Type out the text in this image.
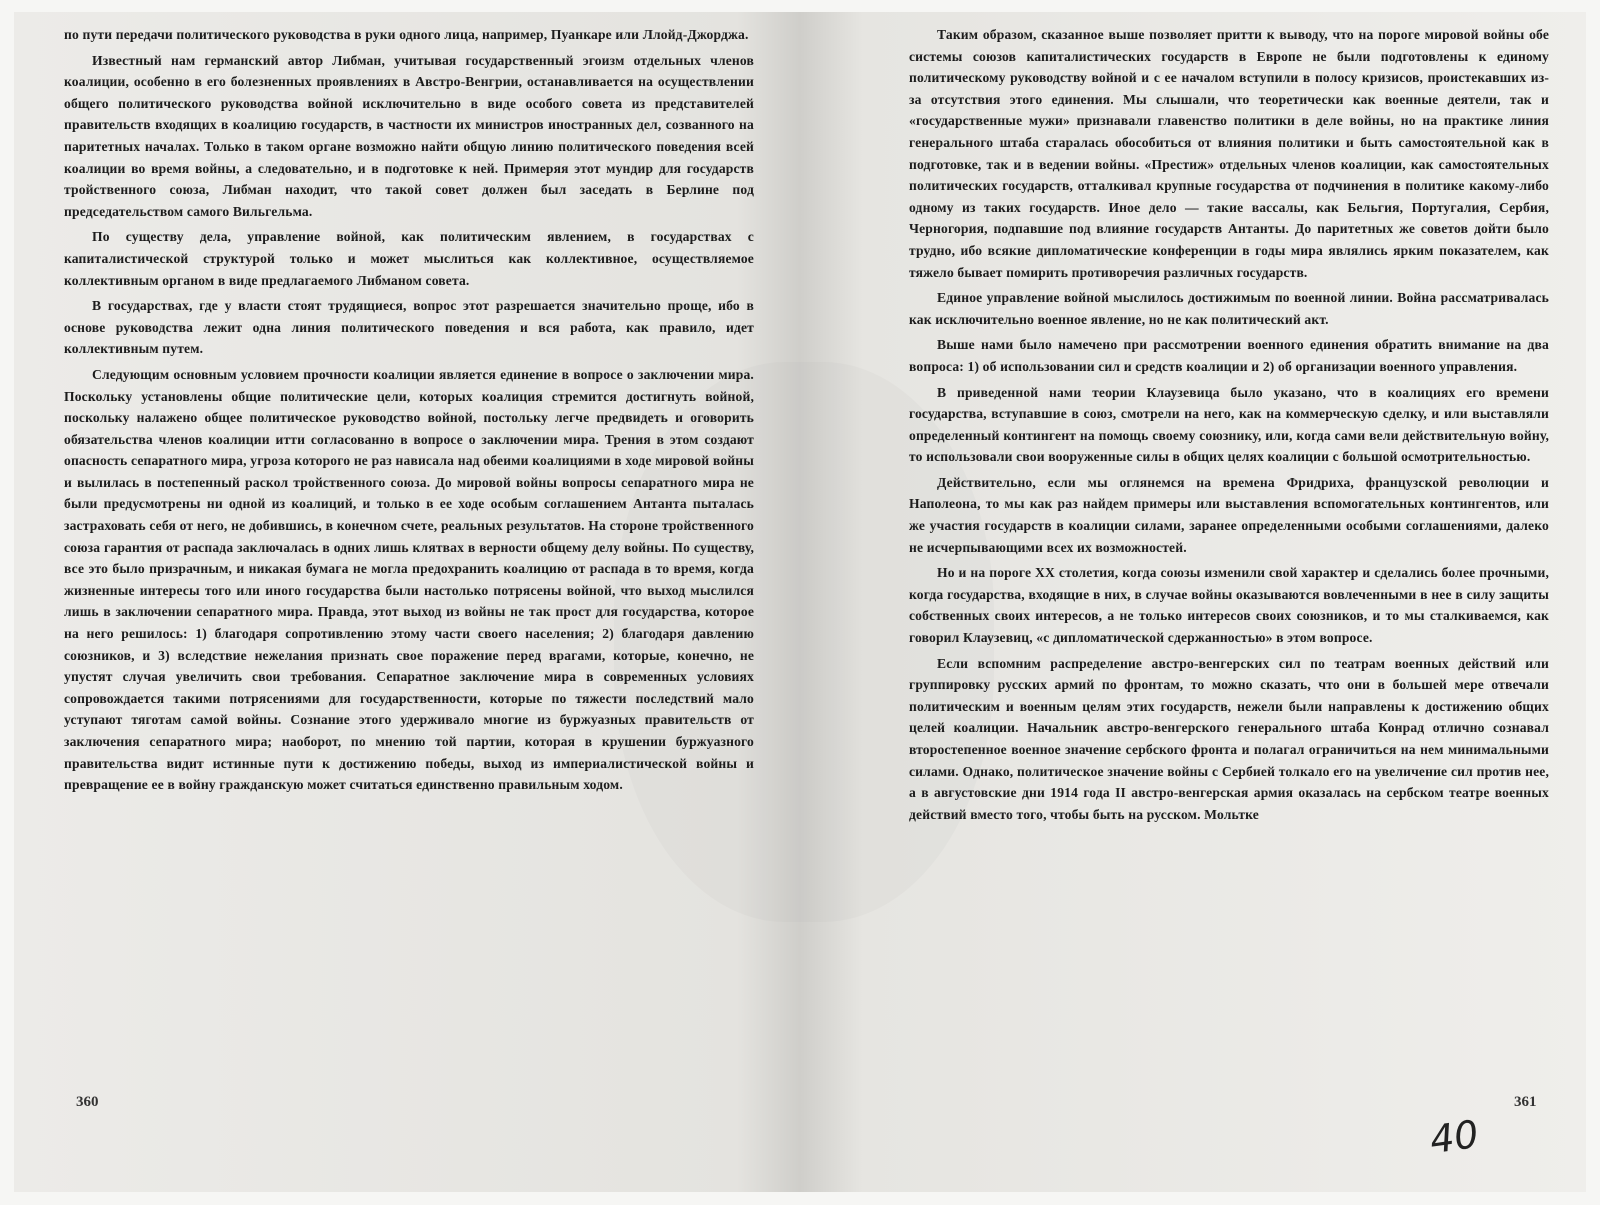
по пути передачи политического руководства в руки одного лица, например, Пуанкаре или Ллойд-Джорджа.

Известный нам германский автор Либман, учитывая государственный эгоизм отдельных членов коалиции, особенно в его болезненных проявлениях в Австро-Венгрии, останавливается на осуществлении общего политического руководства войной исключительно в виде особого совета из представителей правительств входящих в коалицию государств, в частности их министров иностранных дел, созванного на паритетных началах. Только в таком органе возможно найти общую линию политического поведения всей коалиции во время войны, а следовательно, и в подготовке к ней. Примеряя этот мундир для государств тройственного союза, Либман находит, что такой совет должен был заседать в Берлине под председательством самого Вильгельма.

По существу дела, управление войной, как политическим явлением, в государствах с капиталистической структурой только и может мыслиться как коллективное, осуществляемое коллективным органом в виде предлагаемого Либманом совета.

В государствах, где у власти стоят трудящиеся, вопрос этот разрешается значительно проще, ибо в основе руководства лежит одна линия политического поведения и вся работа, как правило, идет коллективным путем.

Следующим основным условием прочности коалиции является единение в вопросе о заключении мира. Поскольку установлены общие политические цели, которых коалиция стремится достигнуть войной, поскольку налажено общее политическое руководство войной, постольку легче предвидеть и оговорить обязательства членов коалиции итти согласованно в вопросе о заключении мира. Трения в этом создают опасность сепаратного мира, угроза которого не раз нависала над обеими коалициями в ходе мировой войны и вылилась в постепенный раскол тройственного союза. До мировой войны вопросы сепаратного мира не были предусмотрены ни одной из коалиций, и только в ее ходе особым соглашением Антанта пыталась застраховать себя от него, не добившись, в конечном счете, реальных результатов. На стороне тройственного союза гарантия от распада заключалась в одних лишь клятвах в верности общему делу войны. По существу, все это было призрачным, и никакая бумага не могла предохранить коалицию от распада в то время, когда жизненные интересы того или иного государства были настолько потрясены войной, что выход мыслился лишь в заключении сепаратного мира. Правда, этот выход из войны не так прост для государства, которое на него решилось: 1) благодаря сопротивлению этому части своего населения; 2) благодаря давлению союзников, и 3) вследствие нежелания признать свое поражение перед врагами, которые, конечно, не упустят случая увеличить свои требования. Сепаратное заключение мира в современных условиях сопровождается такими потрясениями для государственности, которые по тяжести последствий мало уступают тяготам самой войны. Сознание этого удерживало многие из буржуазных правительств от заключения сепаратного мира; наоборот, по мнению той партии, которая в крушении буржуазного правительства видит истинные пути к достижению победы, выход из империалистической войны и превращение ее в войну гражданскую может считаться единственно правильным ходом.

Таким образом, сказанное выше позволяет притти к выводу, что на пороге мировой войны обе системы союзов капиталистических государств в Европе не были подготовлены к единому политическому руководству войной и с ее началом вступили в полосу кризисов, проистекавших из-за отсутствия этого единения. Мы слышали, что теоретически как военные деятели, так и «государственные мужи» признавали главенство политики в деле войны, но на практике линия генерального штаба старалась обособиться от влияния политики и быть самостоятельной как в подготовке, так и в ведении войны. «Престиж» отдельных членов коалиции, как самостоятельных политических государств, отталкивал крупные государства от подчинения в политике какому-либо одному из таких государств. Иное дело — такие вассалы, как Бельгия, Португалия, Сербия, Черногория, подпавшие под влияние государств Антанты. До паритетных же советов дойти было трудно, ибо всякие дипломатические конференции в годы мира являлись ярким показателем, как тяжело бывает помирить противоречия различных государств.

Единое управление войной мыслилось достижимым по военной линии. Война рассматривалась как исключительно военное явление, но не как политический акт.

Выше нами было намечено при рассмотрении военного единения обратить внимание на два вопроса: 1) об использовании сил и средств коалиции и 2) об организации военного управления.

В приведенной нами теории Клаузевица было указано, что в коалициях его времени государства, вступавшие в союз, смотрели на него, как на коммерческую сделку, и или выставляли определенный контингент на помощь своему союзнику, или, когда сами вели действительную войну, то использовали свои вооруженные силы в общих целях коалиции с большой осмотрительностью.

Действительно, если мы оглянемся на времена Фридриха, французской революции и Наполеона, то мы как раз найдем примеры или выставления вспомогательных контингентов, или же участия государств в коалиции силами, заранее определенными особыми соглашениями, далеко не исчерпывающими всех их возможностей.

Но и на пороге XX столетия, когда союзы изменили свой характер и сделались более прочными, когда государства, входящие в них, в случае войны оказываются вовлеченными в нее в силу защиты собственных своих интересов, а не только интересов своих союзников, и то мы сталкиваемся, как говорил Клаузевиц, «с дипломатической сдержанностью» в этом вопросе.

Если вспомним распределение австро-венгерских сил по театрам военных действий или группировку русских армий по фронтам, то можно сказать, что они в большей мере отвечали политическим и военным целям этих государств, нежели были направлены к достижению общих целей коалиции. Начальник австро-венгерского генерального штаба Конрад отлично сознавал второстепенное военное значение сербского фронта и полагал ограничиться на нем минимальными силами. Однако, политическое значение войны с Сербией толкало его на увеличение сил против нее, а в августовские дни 1914 года II австро-венгерская армия оказалась на сербском театре военных действий вместо того, чтобы быть на русском. Мольтке

360	361
40
